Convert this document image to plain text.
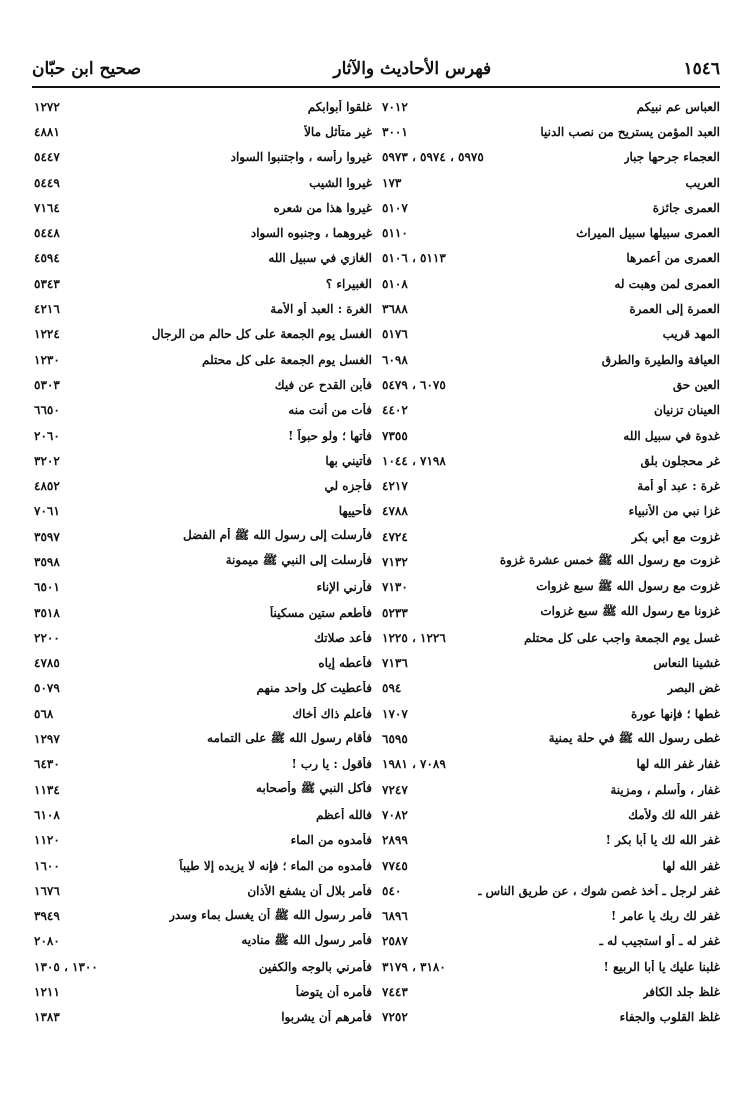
١٥٤٦
فهرس الأحاديث والآثار
صحيح ابن حبّان
العباس عم نبيكم
٧٠١٢
العبد المؤمن يستريح من نصب الدنيا
٣٠٠١
العجماء جرحها جبار
٥٩٧٥ ، ٥٩٧٤ ، ٥٩٧٣
العريب
١٧٣
العمرى جائزة
٥١٠٧
العمرى سبيلها سبيل الميراث
٥١١٠
العمرى من أعمرها
٥١١٣ ، ٥١٠٦
العمرى لمن وهبت له
٥١٠٨
العمرة إلى العمرة
٣٦٨٨
المهد قريب
٥١٧٦
العيافة والطيرة والطرق
٦٠٩٨
العين حق
٦٠٧٥ ، ٥٤٧٩
العينان تزنيان
٤٤٠٢
غدوة في سبيل الله
٧٣٥٥
غر محجلون بلق
٧١٩٨ ، ١٠٤٤
غرة : عبد أو أمة
٤٢١٧
غزا نبي من الأنبياء
٤٧٨٨
غزوت مع أبي بكر
٤٧٢٤
غزوت مع رسول الله ﷺ خمس عشرة غزوة
٧١٣٢
غزوت مع رسول الله ﷺ سبع غزوات
٧١٣٠
غزونا مع رسول الله ﷺ سبع غزوات
٥٢٣٣
غسل يوم الجمعة واجب على كل محتلم
١٢٢٦ ، ١٢٢٥
غشينا النعاس
٧١٣٦
غض البصر
٥٩٤
غطها ؛ فإنها عورة
١٧٠٧
غطى رسول الله ﷺ في حلة يمنية
٦٥٩٥
غفار غفر الله لها
٧٠٨٩ ، ١٩٨١
غفار ، وأسلم ، ومزينة
٧٢٤٧
غفر الله لك ولأمك
٧٠٨٢
غفر الله لك يا أبا بكر !
٢٨٩٩
غفر الله لها
٧٧٤٥
غفر لرجل ـ أخذ غصن شوك ، عن طريق الناس ـ
٥٤٠
غفر لك ربك يا عامر !
٦٨٩٦
غفر له ـ أو استجيب له ـ
٢٥٨٧
غلبنا عليك يا أبا الربيع !
٣١٨٠ ، ٣١٧٩
غلظ جلد الكافر
٧٤٤٣
غلظ القلوب والجفاء
٧٢٥٢
غلقوا أبوابكم
١٢٧٢
غير متأثل مالاً
٤٨٨١
غيروا رأسه ، واجتنبوا السواد
٥٤٤٧
غيروا الشيب
٥٤٤٩
غيروا هذا من شعره
٧١٦٤
غيروهما ، وجنبوه السواد
٥٤٤٨
الغازي في سبيل الله
٤٥٩٤
الغبيراء ؟
٥٣٤٣
الغرة : العبد أو الأمة
٤٢١٦
الغسل يوم الجمعة على كل حالم من الرجال
١٢٢٤
الغسل يوم الجمعة على كل محتلم
١٢٣٠
فأبن القدح عن فيك
٥٣٠٣
فأت من أنت منه
٦٦٥٠
فأتها ؛ ولو حبواً !
٢٠٦٠
فأتيني بها
٣٢٠٢
فأجزه لي
٤٨٥٢
فأحييها
٧٠٦١
فأرسلت إلى رسول الله ﷺ أم الفضل
٣٥٩٧
فأرسلت إلى النبي ﷺ ميمونة
٣٥٩٨
فأرني الإناء
٦٥٠١
فأطعم ستين مسكيناً
٣٥١٨
فأعد صلاتك
٢٢٠٠
فأعطه إياه
٤٧٨٥
فأعطيت كل واحد منهم
٥٠٧٩
فأعلم ذاك أخاك
٥٦٨
فأقام رسول الله ﷺ على التمامه
١٢٩٧
فأقول : يا رب !
٦٤٣٠
فأكل النبي ﷺ وأصحابه
١١٣٤
فالله أعظم
٦١٠٨
فأمدوه من الماء
١١٢٠
فأمدوه من الماء ؛ فإنه لا يزيده إلا طيباً
١٦٠٠
فأمر بلال أن يشفع الأذان
١٦٧٦
فأمر رسول الله ﷺ أن يغسل بماء وسدر
٣٩٤٩
فأمر رسول الله ﷺ مناديه
٢٠٨٠
فأمرني بالوجه والكفين
١٣٠٠ ، ١٣٠٥
فأمره أن يتوضأ
١٢١١
فأمرهم أن يشربوا
١٣٨٣
